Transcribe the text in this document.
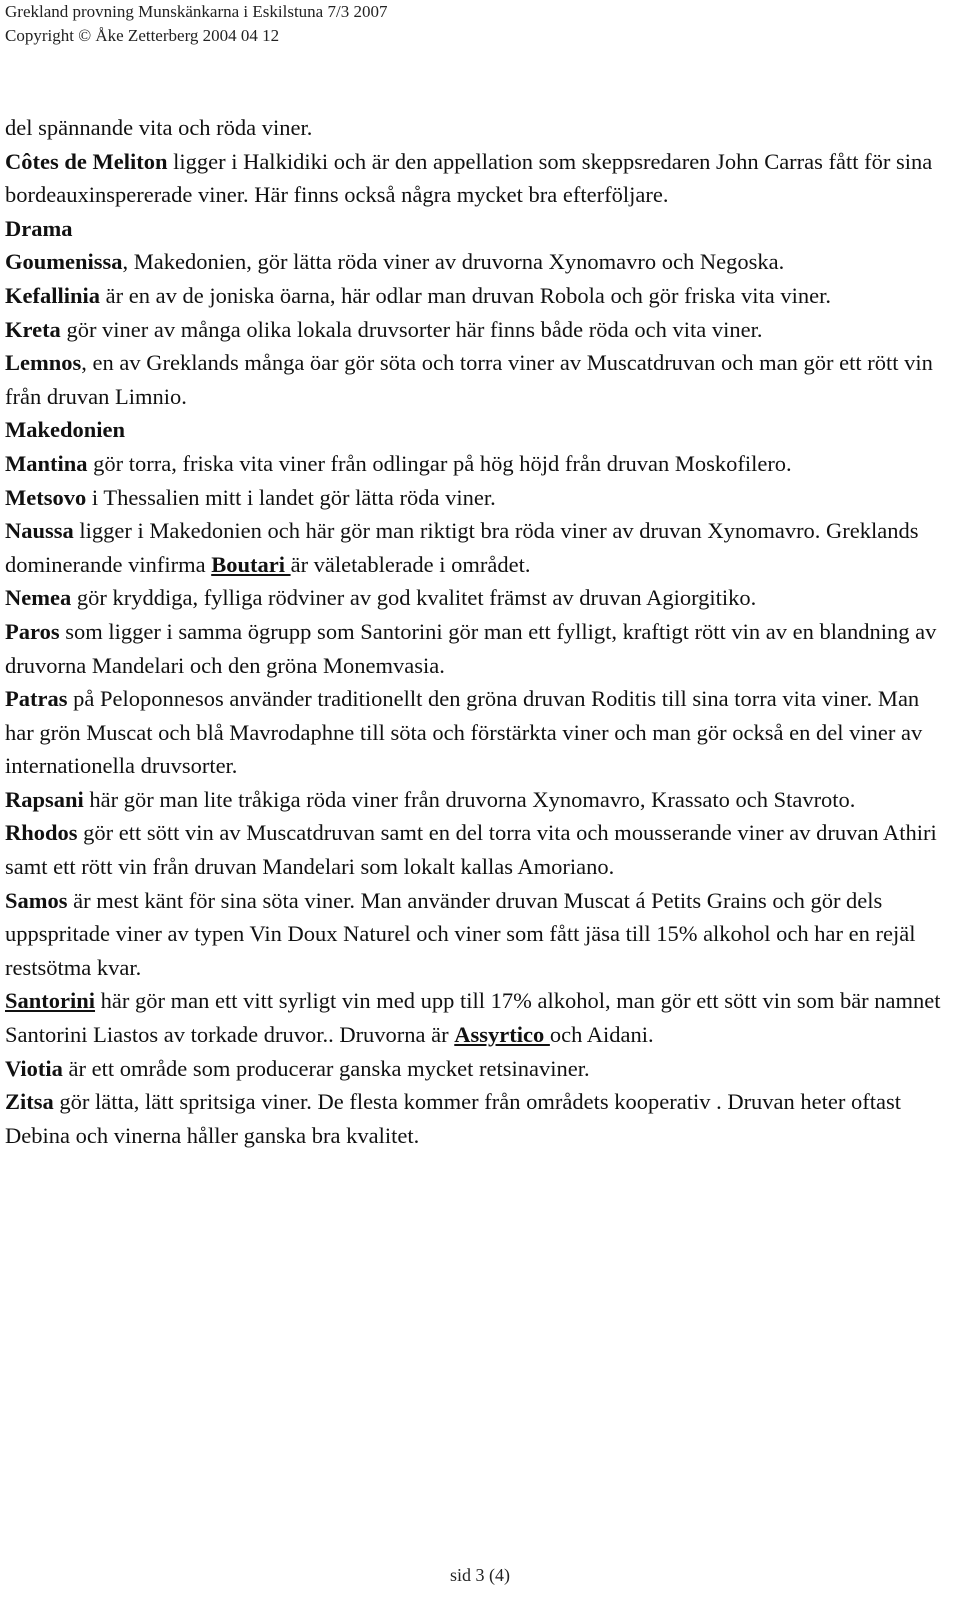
Grekland provning Munskänkarna i Eskilstuna 7/3 2007
Copyright © Åke Zetterberg 2004 04 12

del spännande vita och röda viner.

Côtes de Meliton ligger i Halkidiki och är den appellation som skeppsredaren John Carras fått för sina bordeauxinspererade viner. Här finns också några mycket bra efterföljare.

Drama

Goumenissa, Makedonien, gör lätta röda viner av druvorna Xynomavro och Negoska.

Kefallinia är en av de joniska öarna, här odlar man druvan Robola och gör friska vita viner.

Kreta gör viner av många olika lokala druvsorter här finns både röda och vita viner.

Lemnos, en av Greklands många öar gör söta och torra viner av Muscatdruvan och man gör ett rött vin från druvan Limnio.

Makedonien

Mantina gör torra, friska vita viner från odlingar på hög höjd från druvan Moskofilero.

Metsovo i Thessalien mitt i landet gör lätta röda viner.

Naussa ligger i Makedonien och här gör man riktigt bra röda viner av druvan Xynomavro. Greklands dominerande vinfirma Boutari är väletablerade i området.

Nemea gör kryddiga, fylliga rödviner av god kvalitet främst av druvan Agiorgitiko.

Paros som ligger i samma ögrupp som Santorini gör man ett fylligt, kraftigt rött vin av en blandning av druvorna Mandelari och den gröna Monemvasia.

Patras på Peloponnesos använder traditionellt den gröna druvan Roditis till sina torra vita viner. Man har grön Muscat och blå Mavrodaphne till söta och förstärkta viner och man gör också en del viner av internationella druvsorter.

Rapsani här gör man lite tråkiga röda viner från druvorna Xynomavro, Krassato och Stavroto.

Rhodos gör ett sött vin av Muscatdruvan samt en del torra vita och mousserande viner av druvan Athiri samt ett rött vin från druvan Mandelari som lokalt kallas Amoriano.

Samos är mest känt för sina söta viner. Man använder druvan Muscat á Petits Grains och gör dels uppspritade viner av typen Vin Doux Naturel och viner som fått jäsa till 15% alkohol och har en rejäl restsötma kvar.

Santorini här gör man ett vitt syrligt vin med upp till 17% alkohol, man gör ett sött vin som bär namnet Santorini Liastos av torkade druvor.. Druvorna är Assyrtico och Aidani.

Viotia är ett område som producerar ganska mycket retsinaviner.

Zitsa gör lätta, lätt spritsiga viner. De flesta kommer från områdets kooperativ . Druvan heter oftast Debina och vinerna håller ganska bra kvalitet.

sid 3 (4)
